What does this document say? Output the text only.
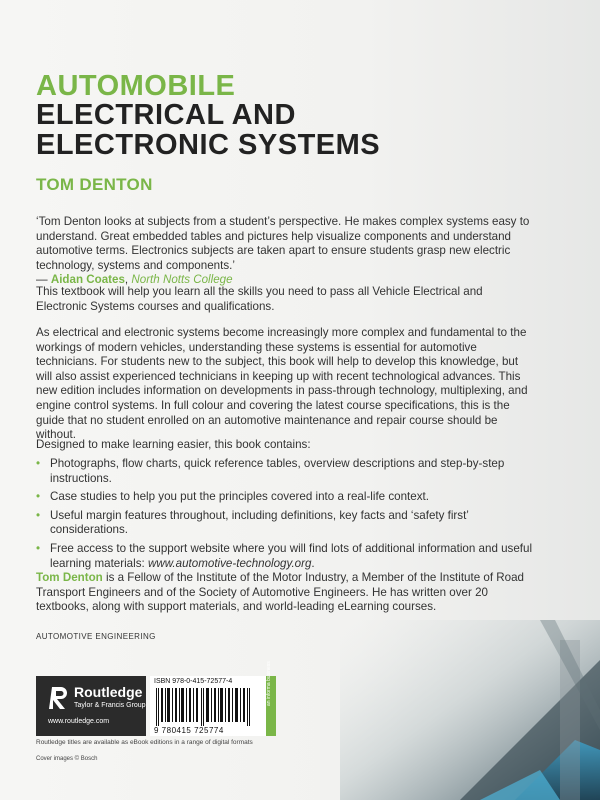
AUTOMOBILE
ELECTRICAL AND
ELECTRONIC SYSTEMS
TOM DENTON
‘Tom Denton looks at subjects from a student’s perspective. He makes complex systems easy to understand. Great embedded tables and pictures help visualize components and understand automotive terms. Electronics subjects are taken apart to ensure students grasp new electric technology, systems and components.’
— Aidan Coates, North Notts College
This textbook will help you learn all the skills you need to pass all Vehicle Electrical and Electronic Systems courses and qualifications.
As electrical and electronic systems become increasingly more complex and fundamental to the workings of modern vehicles, understanding these systems is essential for automotive technicians. For students new to the subject, this book will help to develop this knowledge, but will also assist experienced technicians in keeping up with recent technological advances. This new edition includes information on developments in pass-through technology, multiplexing, and engine control systems. In full colour and covering the latest course specifications, this is the guide that no student enrolled on an automotive maintenance and repair course should be without.
Designed to make learning easier, this book contains:
• Photographs, flow charts, quick reference tables, overview descriptions and step-by-step instructions.
• Case studies to help you put the principles covered into a real-life context.
• Useful margin features throughout, including definitions, key facts and ‘safety first’ considerations.
• Free access to the support website where you will find lots of additional information and useful learning materials: www.automotive-technology.org.
Tom Denton is a Fellow of the Institute of the Motor Industry, a Member of the Institute of Road Transport Engineers and of the Society of Automotive Engineers. He has written over 20 textbooks, along with support materials, and world-leading eLearning courses.
AUTOMOTIVE ENGINEERING
Routledge
Taylor & Francis Group
www.routledge.com
ISBN 978-0-415-72577-4
9 780415 725774
an informa business
Routledge titles are available as eBook editions in a range of digital formats
Cover images © Bosch
